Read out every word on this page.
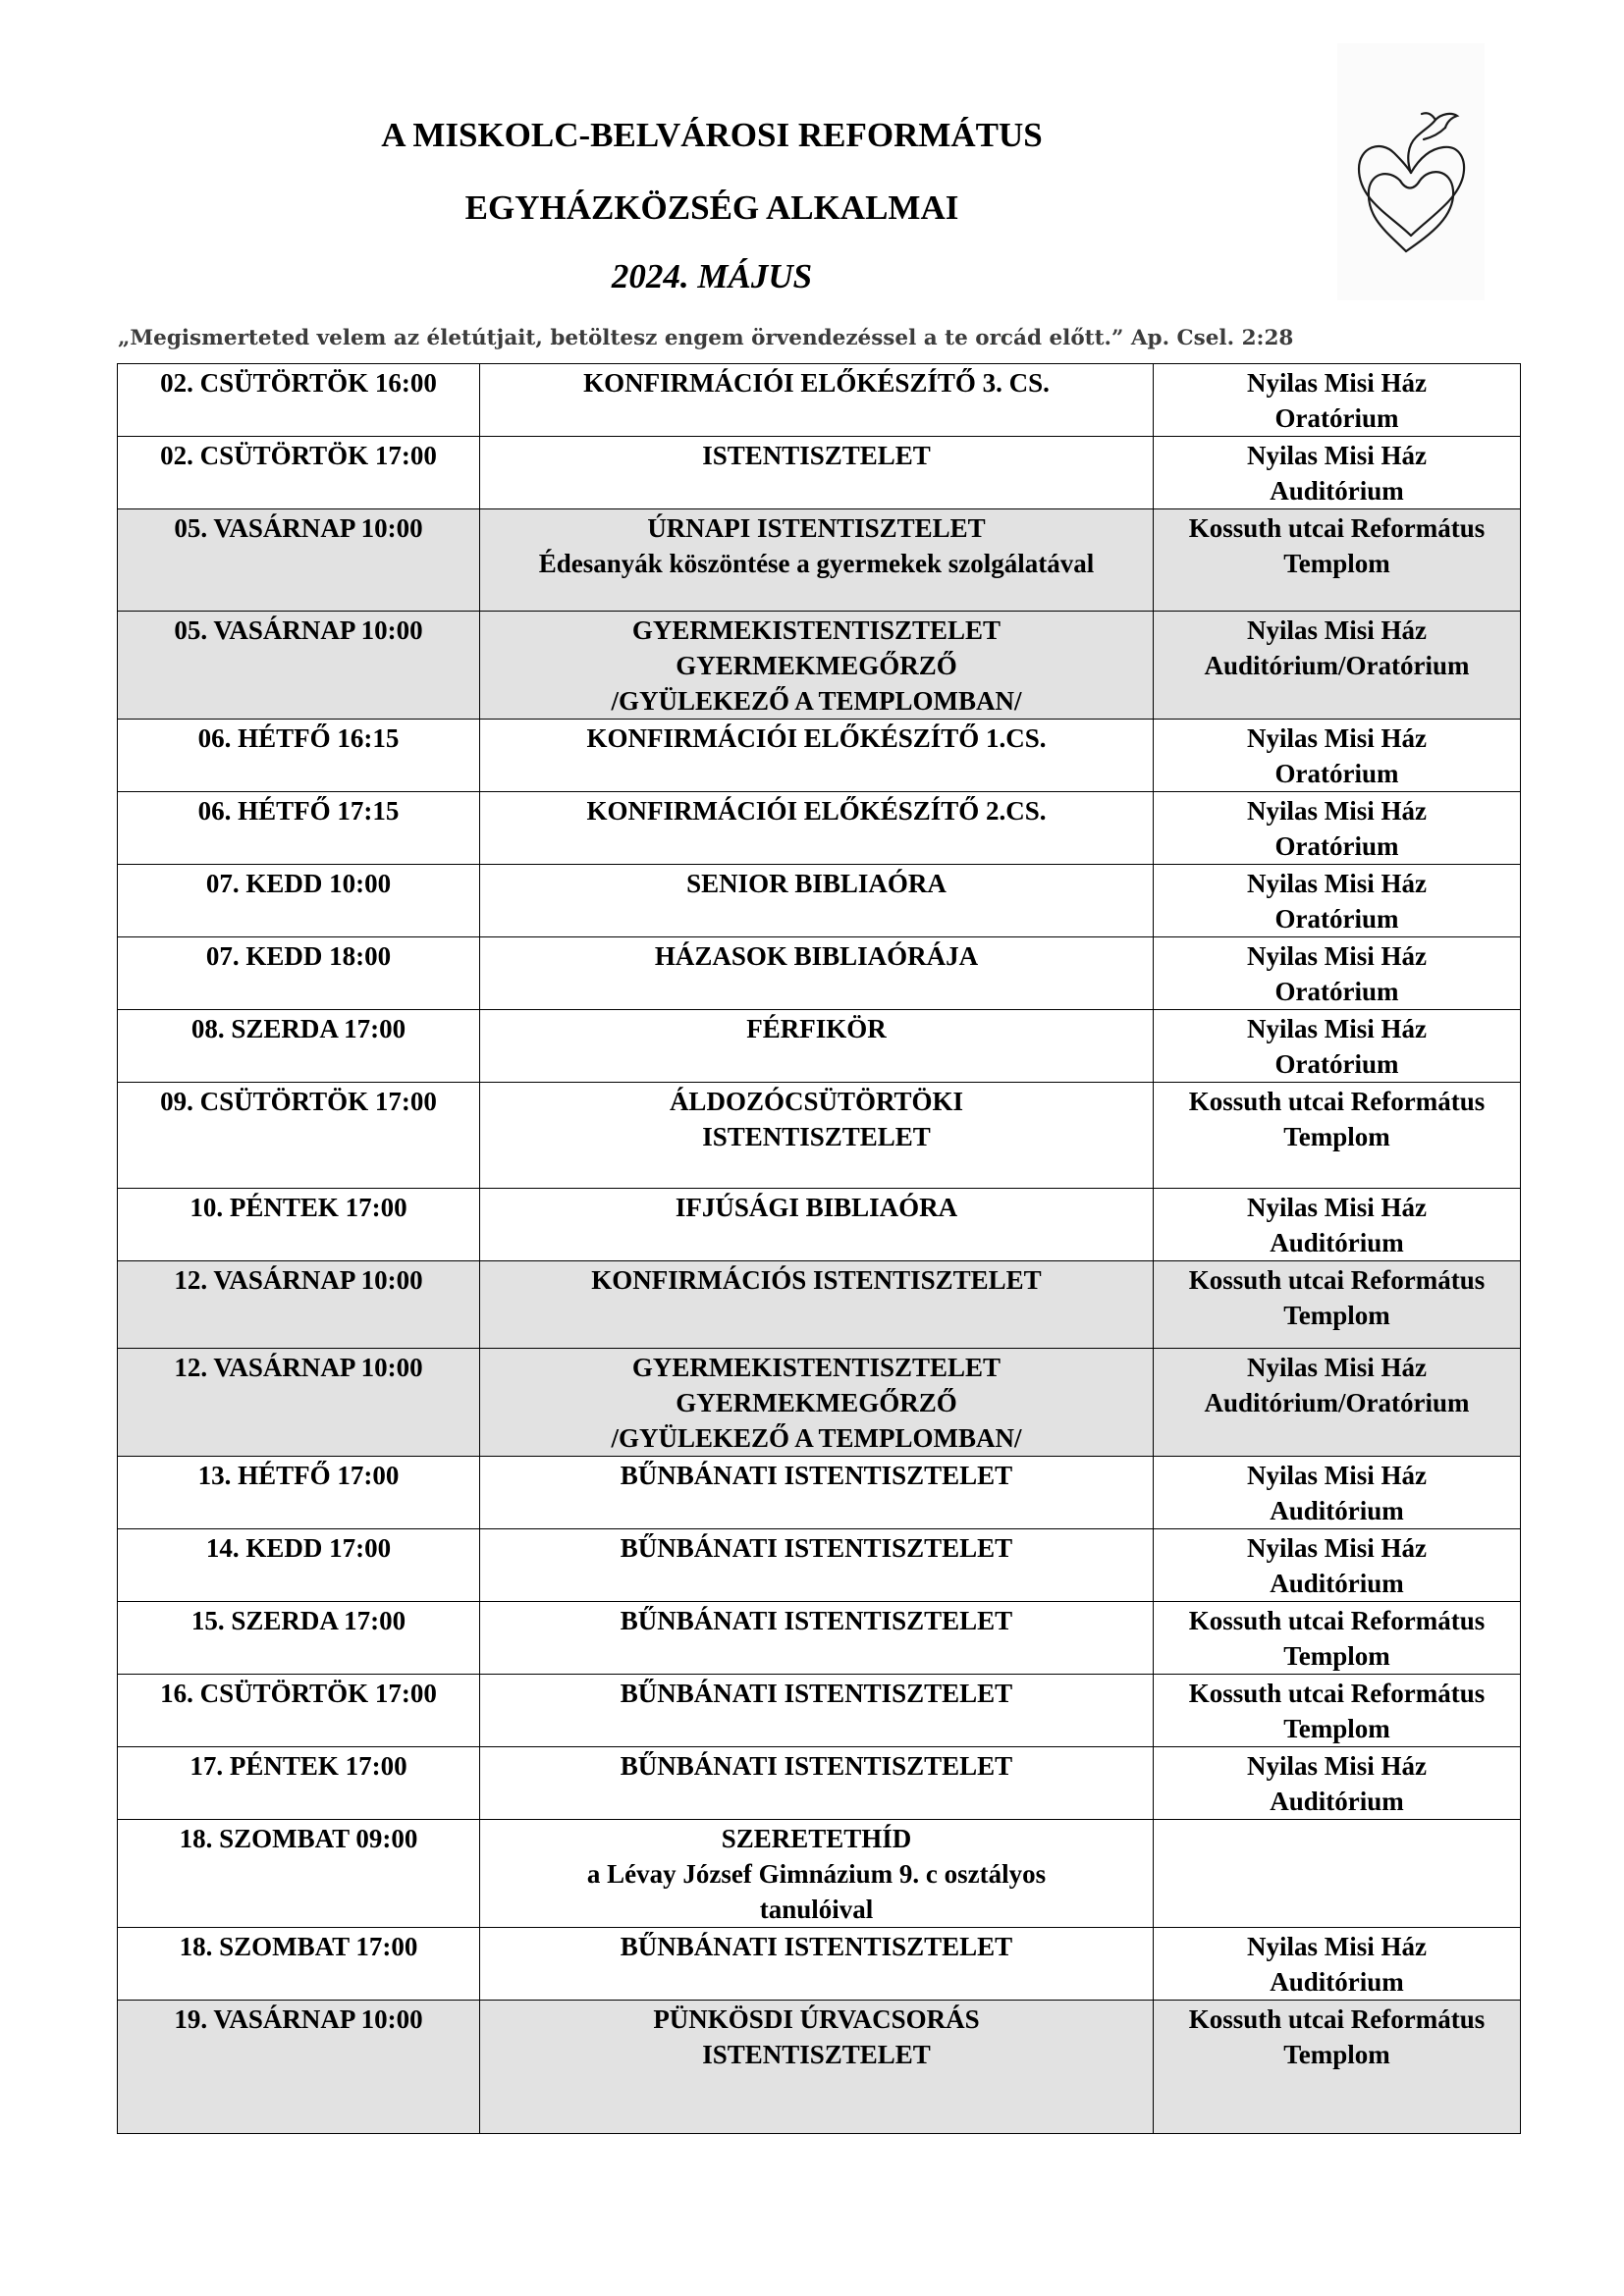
A MISKOLC-BELVÁROSI REFORMÁTUS
EGYHÁZKÖZSÉG ALKALMAI
2024. MÁJUS

„Megismerteted velem az életútjait, betöltesz engem örvendezéssel a te orcád előtt.” Ap. Csel. 2:28

02. CSÜTÖRTÖK 16:00	KONFIRMÁCIÓI ELŐKÉSZÍTŐ 3. CS.	Nyilas Misi Ház
Oratórium

02. CSÜTÖRTÖK 17:00	ISTENTISZTELET	Nyilas Misi Ház
Auditórium

05. VASÁRNAP 10:00	ÚRNAPI ISTENTISZTELET
Édesanyák köszöntése a gyermekek szolgálatával	Kossuth utcai Református
Templom

05. VASÁRNAP 10:00	GYERMEKISTENTISZTELET
GYERMEKMEGŐRZŐ
/GYÜLEKEZŐ A TEMPLOMBAN/	Nyilas Misi Ház
Auditórium/Oratórium

06. HÉTFŐ 16:15	KONFIRMÁCIÓI ELŐKÉSZÍTŐ 1.CS.	Nyilas Misi Ház
Oratórium

06. HÉTFŐ 17:15	KONFIRMÁCIÓI ELŐKÉSZÍTŐ 2.CS.	Nyilas Misi Ház
Oratórium

07. KEDD 10:00	SENIOR BIBLIAÓRA	Nyilas Misi Ház
Oratórium

07. KEDD 18:00	HÁZASOK BIBLIAÓRÁJA	Nyilas Misi Ház
Oratórium

08. SZERDA 17:00	FÉRFIKÖR	Nyilas Misi Ház
Oratórium

09. CSÜTÖRTÖK 17:00	ÁLDOZÓCSÜTÖRTÖKI
ISTENTISZTELET	Kossuth utcai Református
Templom

10. PÉNTEK 17:00	IFJÚSÁGI BIBLIAÓRA	Nyilas Misi Ház
Auditórium

12. VASÁRNAP 10:00	KONFIRMÁCIÓS ISTENTISZTELET	Kossuth utcai Református
Templom

12. VASÁRNAP 10:00	GYERMEKISTENTISZTELET
GYERMEKMEGŐRZŐ
/GYÜLEKEZŐ A TEMPLOMBAN/	Nyilas Misi Ház
Auditórium/Oratórium

13. HÉTFŐ 17:00	BŰNBÁNATI ISTENTISZTELET	Nyilas Misi Ház
Auditórium

14. KEDD 17:00	BŰNBÁNATI ISTENTISZTELET	Nyilas Misi Ház
Auditórium

15. SZERDA 17:00	BŰNBÁNATI ISTENTISZTELET	Kossuth utcai Református
Templom

16. CSÜTÖRTÖK 17:00	BŰNBÁNATI ISTENTISZTELET	Kossuth utcai Református
Templom

17. PÉNTEK 17:00	BŰNBÁNATI ISTENTISZTELET	Nyilas Misi Ház
Auditórium

18. SZOMBAT 09:00	SZERETETHÍD
a Lévay József Gimnázium 9. c osztályos
tanulóival	

18. SZOMBAT 17:00	BŰNBÁNATI ISTENTISZTELET	Nyilas Misi Ház
Auditórium

19. VASÁRNAP 10:00	PÜNKÖSDI ÚRVACSORÁS
ISTENTISZTELET	Kossuth utcai Református
Templom
